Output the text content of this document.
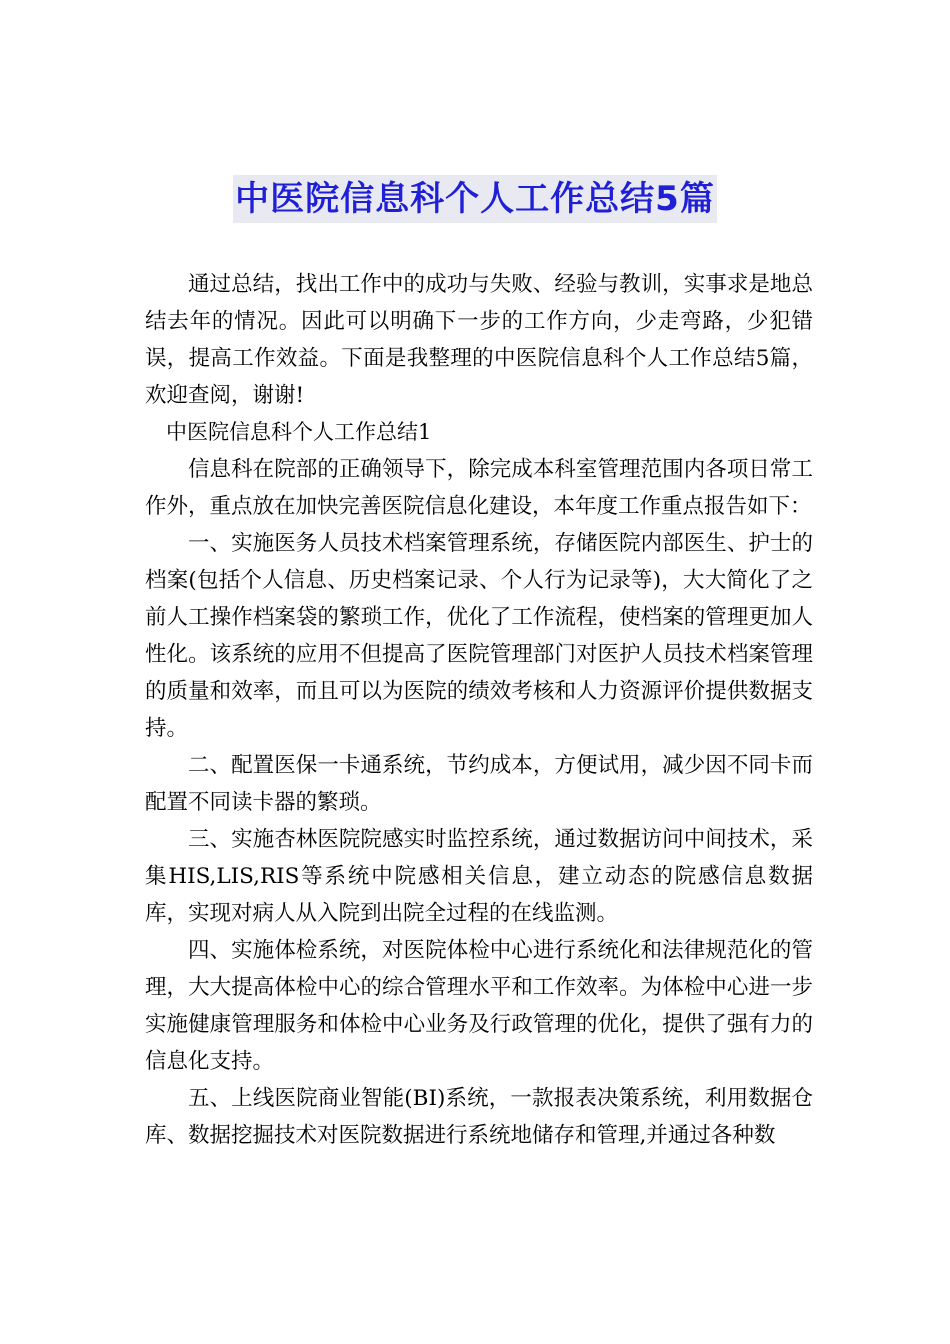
中医院信息科个人工作总结5篇

通过总结，找出工作中的成功与失败、经验与教训，实事求是地总结去年的情况。因此可以明确下一步的工作方向，少走弯路，少犯错误，提高工作效益。下面是我整理的中医院信息科个人工作总结5篇，欢迎查阅，谢谢!

中医院信息科个人工作总结1

信息科在院部的正确领导下，除完成本科室管理范围内各项日常工作外，重点放在加快完善医院信息化建设，本年度工作重点报告如下：

一、实施医务人员技术档案管理系统，存储医院内部医生、护士的档案(包括个人信息、历史档案记录、个人行为记录等)，大大简化了之前人工操作档案袋的繁琐工作，优化了工作流程，使档案的管理更加人性化。该系统的应用不但提高了医院管理部门对医护人员技术档案管理的质量和效率，而且可以为医院的绩效考核和人力资源评价提供数据支持。

二、配置医保一卡通系统，节约成本，方便试用，减少因不同卡而配置不同读卡器的繁琐。

三、实施杏林医院院感实时监控系统，通过数据访问中间技术，采集HIS,LIS,RIS等系统中院感相关信息，建立动态的院感信息数据库，实现对病人从入院到出院全过程的在线监测。

四、实施体检系统，对医院体检中心进行系统化和法律规范化的管理，大大提高体检中心的综合管理水平和工作效率。为体检中心进一步实施健康管理服务和体检中心业务及行政管理的优化，提供了强有力的信息化支持。

五、上线医院商业智能(BI)系统，一款报表决策系统，利用数据仓库、数据挖掘技术对医院数据进行系统地储存和管理,并通过各种数
